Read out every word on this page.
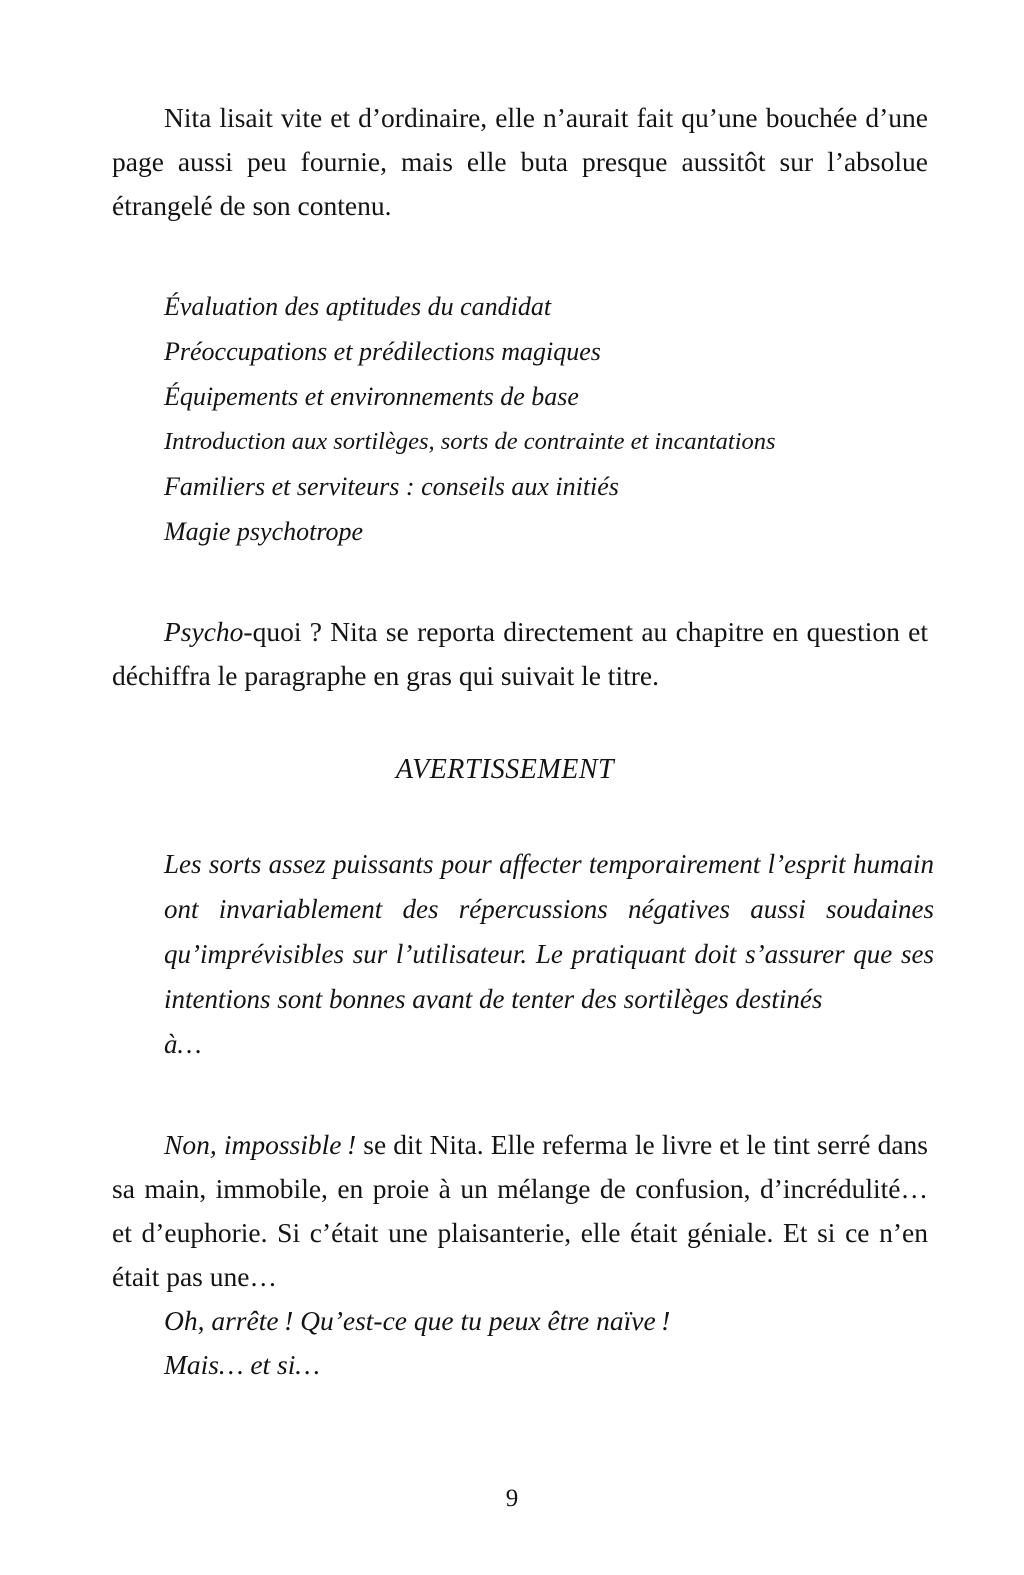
Nita lisait vite et d’ordinaire, elle n’aurait fait qu’une bouchée d’une page aussi peu fournie, mais elle buta presque aussitôt sur l’absolue étrangelé de son contenu.

Évaluation des aptitudes du candidat
Préoccupations et prédilections magiques
Équipements et environnements de base
Introduction aux sortilèges, sorts de contrainte et incantations
Familiers et serviteurs : conseils aux initiés
Magie psychotrope

Psycho-quoi ? Nita se reporta directement au chapitre en question et déchiffra le paragraphe en gras qui suivait le titre.

AVERTISSEMENT

Les sorts assez puissants pour affecter temporairement l’esprit humain ont invariablement des répercussions négatives aussi soudaines qu’imprévisibles sur l’utilisateur. Le pratiquant doit s’assurer que ses intentions sont bonnes avant de tenter des sortilèges destinés
à…

Non, impossible ! se dit Nita. Elle referma le livre et le tint serré dans sa main, immobile, en proie à un mélange de confusion, d’incrédulité… et d’euphorie. Si c’était une plaisanterie, elle était géniale. Et si ce n’en était pas une…

Oh, arrête ! Qu’est-ce que tu peux être naïve !

Mais… et si…

9
